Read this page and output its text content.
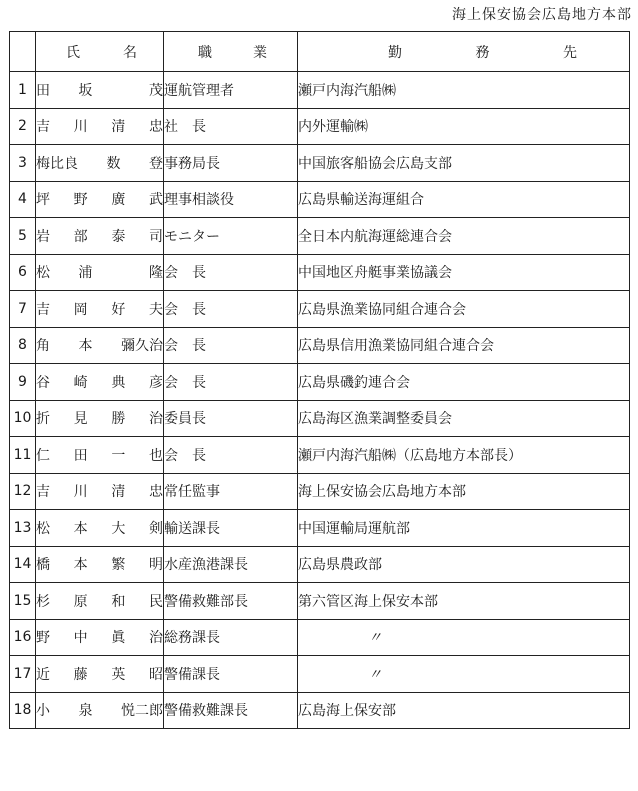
海上保安協会広島地方本部

	氏 名	職 業	勤 務 先

1	田 坂 茂	運航管理者	瀬戸内海汽船㈱
2	吉 川 清 忠	社　長	内外運輸㈱
3	梅比良 数 登	事務局長	中国旅客船協会広島支部
4	坪 野 廣 武	理事相談役	広島県輸送海運組合
5	岩 部 泰 司	モニター	全日本内航海運総連合会
6	松 浦 隆	会　長	中国地区舟艇事業協議会
7	吉 岡 好 夫	会　長	広島県漁業協同組合連合会
8	角 本 彌久治	会　長	広島県信用漁業協同組合連合会
9	谷 崎 典 彦	会　長	広島県磯釣連合会
10	折 見 勝 治	委員長	広島海区漁業調整委員会
11	仁 田 一 也	会　長	瀬戸内海汽船㈱（広島地方本部長）
12	吉 川 清 忠	常任監事	海上保安協会広島地方本部
13	松 本 大 剣	輸送課長	中国運輸局運航部
14	橋 本 繁 明	水産漁港課長	広島県農政部
15	杉 原 和 民	警備救難部長	第六管区海上保安本部
16	野 中 眞 治	総務課長	〃
17	近 藤 英 昭	警備課長	〃
18	小 泉 悦二郎	警備救難課長	広島海上保安部
